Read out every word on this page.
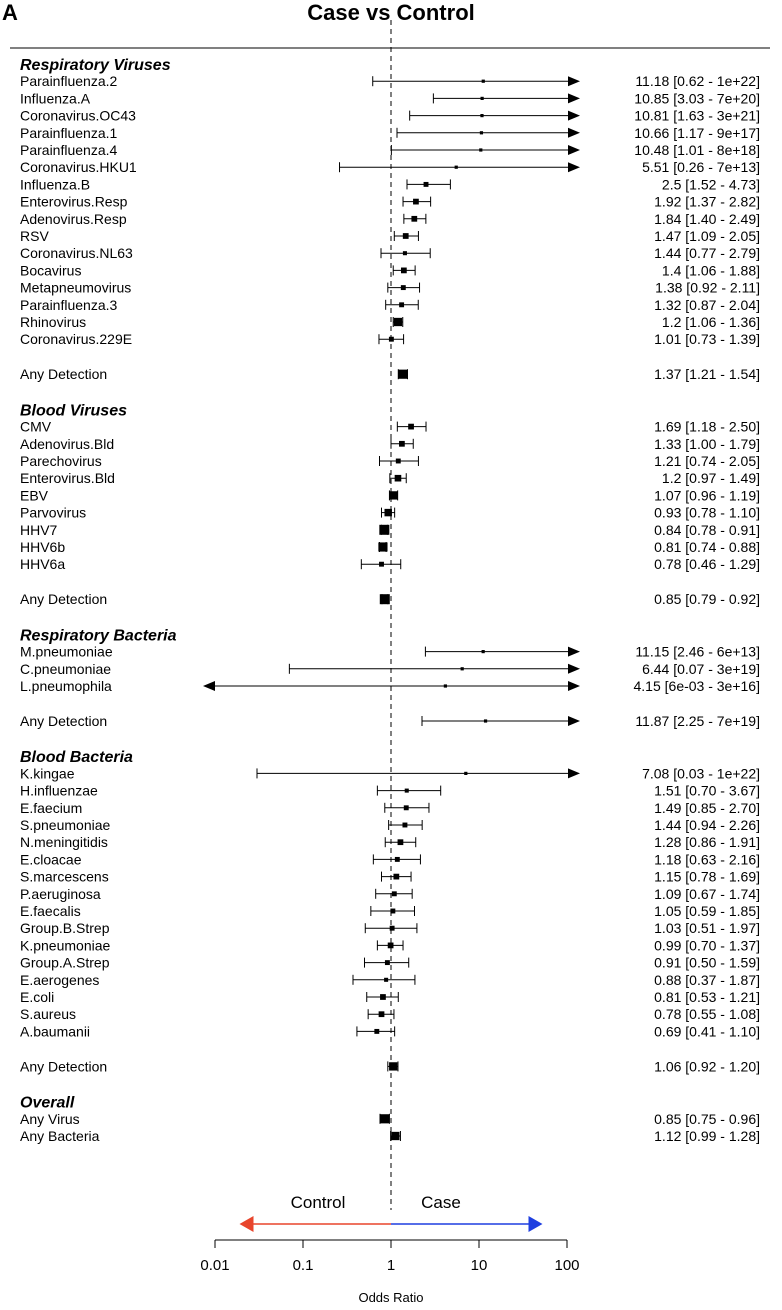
A	Case vs Control
Respiratory Viruses
Parainfluenza.2	11.18 [0.62 - 1e+22]
Influenza.A	10.85 [3.03 - 7e+20]
Coronavirus.OC43	10.81 [1.63 - 3e+21]
Parainfluenza.1	10.66 [1.17 - 9e+17]
Parainfluenza.4	10.48 [1.01 - 8e+18]
Coronavirus.HKU1	5.51 [0.26 - 7e+13]
Influenza.B	2.5 [1.52 - 4.73]
Enterovirus.Resp	1.92 [1.37 - 2.82]
Adenovirus.Resp	1.84 [1.40 - 2.49]
RSV	1.47 [1.09 - 2.05]
Coronavirus.NL63	1.44 [0.77 - 2.79]
Bocavirus	1.4 [1.06 - 1.88]
Metapneumovirus	1.38 [0.92 - 2.11]
Parainfluenza.3	1.32 [0.87 - 2.04]
Rhinovirus	1.2 [1.06 - 1.36]
Coronavirus.229E	1.01 [0.73 - 1.39]
Any Detection	1.37 [1.21 - 1.54]
Blood Viruses
CMV	1.69 [1.18 - 2.50]
Adenovirus.Bld	1.33 [1.00 - 1.79]
Parechovirus	1.21 [0.74 - 2.05]
Enterovirus.Bld	1.2 [0.97 - 1.49]
EBV	1.07 [0.96 - 1.19]
Parvovirus	0.93 [0.78 - 1.10]
HHV7	0.84 [0.78 - 0.91]
HHV6b	0.81 [0.74 - 0.88]
HHV6a	0.78 [0.46 - 1.29]
Any Detection	0.85 [0.79 - 0.92]
Respiratory Bacteria
M.pneumoniae	11.15 [2.46 - 6e+13]
C.pneumoniae	6.44 [0.07 - 3e+19]
L.pneumophila	4.15 [6e-03 - 3e+16]
Any Detection	11.87 [2.25 - 7e+19]
Blood Bacteria
K.kingae	7.08 [0.03 - 1e+22]
H.influenzae	1.51 [0.70 - 3.67]
E.faecium	1.49 [0.85 - 2.70]
S.pneumoniae	1.44 [0.94 - 2.26]
N.meningitidis	1.28 [0.86 - 1.91]
E.cloacae	1.18 [0.63 - 2.16]
S.marcescens	1.15 [0.78 - 1.69]
P.aeruginosa	1.09 [0.67 - 1.74]
E.faecalis	1.05 [0.59 - 1.85]
Group.B.Strep	1.03 [0.51 - 1.97]
K.pneumoniae	0.99 [0.70 - 1.37]
Group.A.Strep	0.91 [0.50 - 1.59]
E.aerogenes	0.88 [0.37 - 1.87]
E.coli	0.81 [0.53 - 1.21]
S.aureus	0.78 [0.55 - 1.08]
A.baumanii	0.69 [0.41 - 1.10]
Any Detection	1.06 [0.92 - 1.20]
Overall
Any Virus	0.85 [0.75 - 0.96]
Any Bacteria	1.12 [0.99 - 1.28]
Control	Case
0.01	0.1	1	10	100
Odds Ratio
